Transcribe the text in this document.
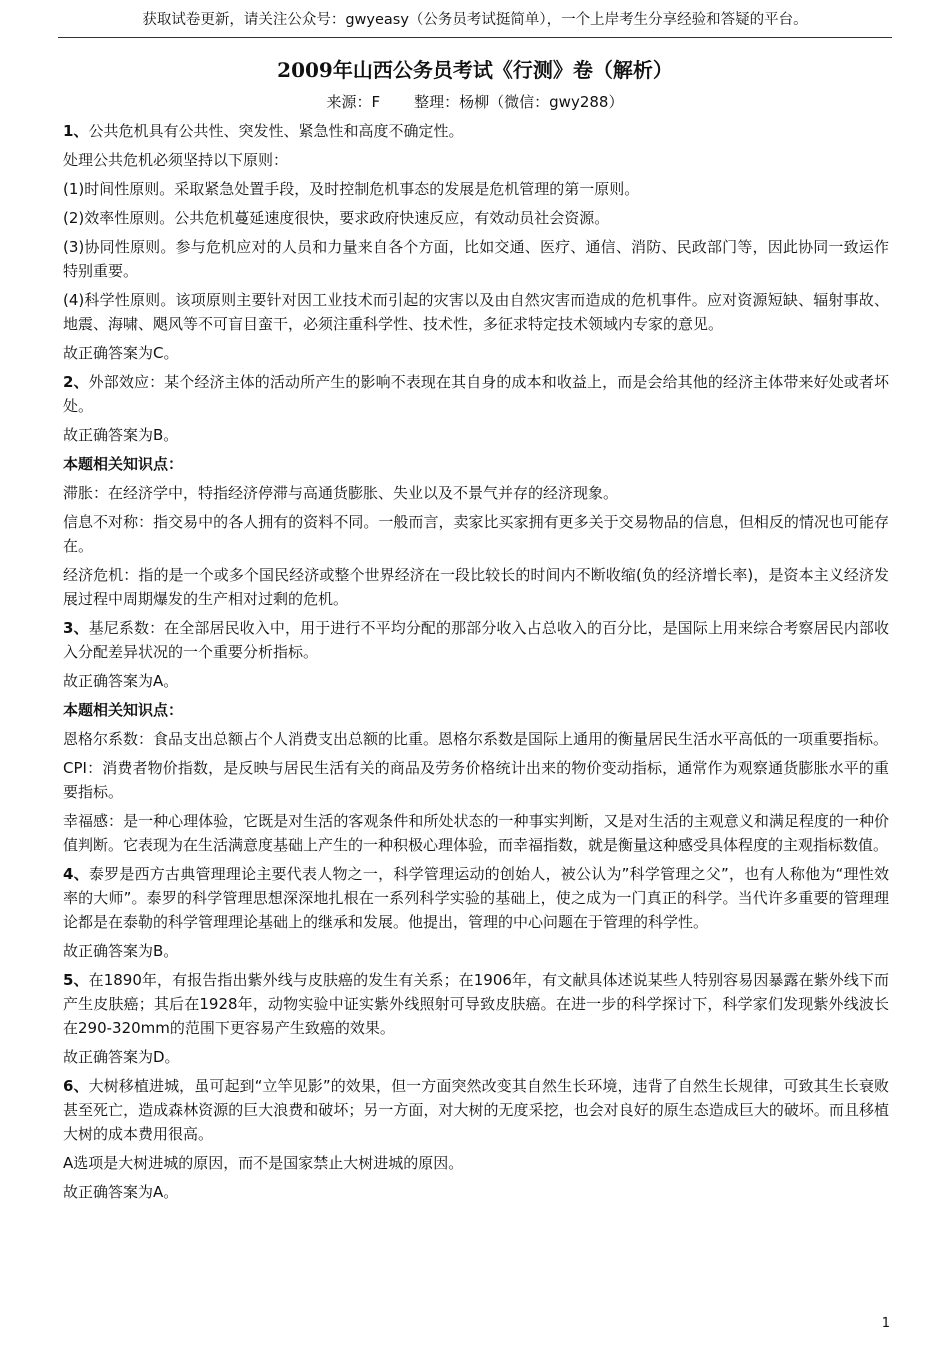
获取试卷更新，请关注公众号：gwyeasy（公务员考试挺简单），一个上岸考生分享经验和答疑的平台。
2009年山西公务员考试《行测》卷（解析）
来源：F 整理：杨柳（微信：gwy288）

1、公共危机具有公共性、突发性、紧急性和高度不确定性。

处理公共危机必须坚持以下原则：

(1)时间性原则。采取紧急处置手段，及时控制危机事态的发展是危机管理的第一原则。

(2)效率性原则。公共危机蔓延速度很快，要求政府快速反应，有效动员社会资源。

(3)协同性原则。参与危机应对的人员和力量来自各个方面，比如交通、医疗、通信、消防、民政部门等，因此协同一致运作特别重要。

(4)科学性原则。该项原则主要针对因工业技术而引起的灾害以及由自然灾害而造成的危机事件。应对资源短缺、辐射事故、地震、海啸、飓风等不可盲目蛮干，必须注重科学性、技术性，多征求特定技术领域内专家的意见。

故正确答案为C。

2、外部效应：某个经济主体的活动所产生的影响不表现在其自身的成本和收益上，而是会给其他的经济主体带来好处或者坏处。

故正确答案为B。

本题相关知识点：

滞胀：在经济学中，特指经济停滞与高通货膨胀、失业以及不景气并存的经济现象。

信息不对称：指交易中的各人拥有的资料不同。一般而言，卖家比买家拥有更多关于交易物品的信息，但相反的情况也可能存在。

经济危机：指的是一个或多个国民经济或整个世界经济在一段比较长的时间内不断收缩(负的经济增长率)，是资本主义经济发展过程中周期爆发的生产相对过剩的危机。

3、基尼系数：在全部居民收入中，用于进行不平均分配的那部分收入占总收入的百分比，是国际上用来综合考察居民内部收入分配差异状况的一个重要分析指标。

故正确答案为A。

本题相关知识点：

恩格尔系数：食品支出总额占个人消费支出总额的比重。恩格尔系数是国际上通用的衡量居民生活水平高低的一项重要指标。

CPI：消费者物价指数，是反映与居民生活有关的商品及劳务价格统计出来的物价变动指标，通常作为观察通货膨胀水平的重要指标。

幸福感：是一种心理体验，它既是对生活的客观条件和所处状态的一种事实判断，又是对生活的主观意义和满足程度的一种价值判断。它表现为在生活满意度基础上产生的一种积极心理体验，而幸福指数，就是衡量这种感受具体程度的主观指标数值。

4、泰罗是西方古典管理理论主要代表人物之一，科学管理运动的创始人，被公认为”科学管理之父”，也有人称他为“理性效率的大师”。泰罗的科学管理思想深深地扎根在一系列科学实验的基础上，使之成为一门真正的科学。当代许多重要的管理理论都是在泰勒的科学管理理论基础上的继承和发展。他提出，管理的中心问题在于管理的科学性。

故正确答案为B。

5、在1890年，有报告指出紫外线与皮肤癌的发生有关系；在1906年，有文献具体述说某些人特别容易因暴露在紫外线下而产生皮肤癌；其后在1928年，动物实验中证实紫外线照射可导致皮肤癌。在进一步的科学探讨下，科学家们发现紫外线波长在290-320mm的范围下更容易产生致癌的效果。

故正确答案为D。

6、大树移植进城，虽可起到“立竿见影”的效果，但一方面突然改变其自然生长环境，违背了自然生长规律，可致其生长衰败甚至死亡，造成森林资源的巨大浪费和破坏；另一方面，对大树的无度采挖，也会对良好的原生态造成巨大的破坏。而且移植大树的成本费用很高。

A选项是大树进城的原因，而不是国家禁止大树进城的原因。

故正确答案为A。

1
